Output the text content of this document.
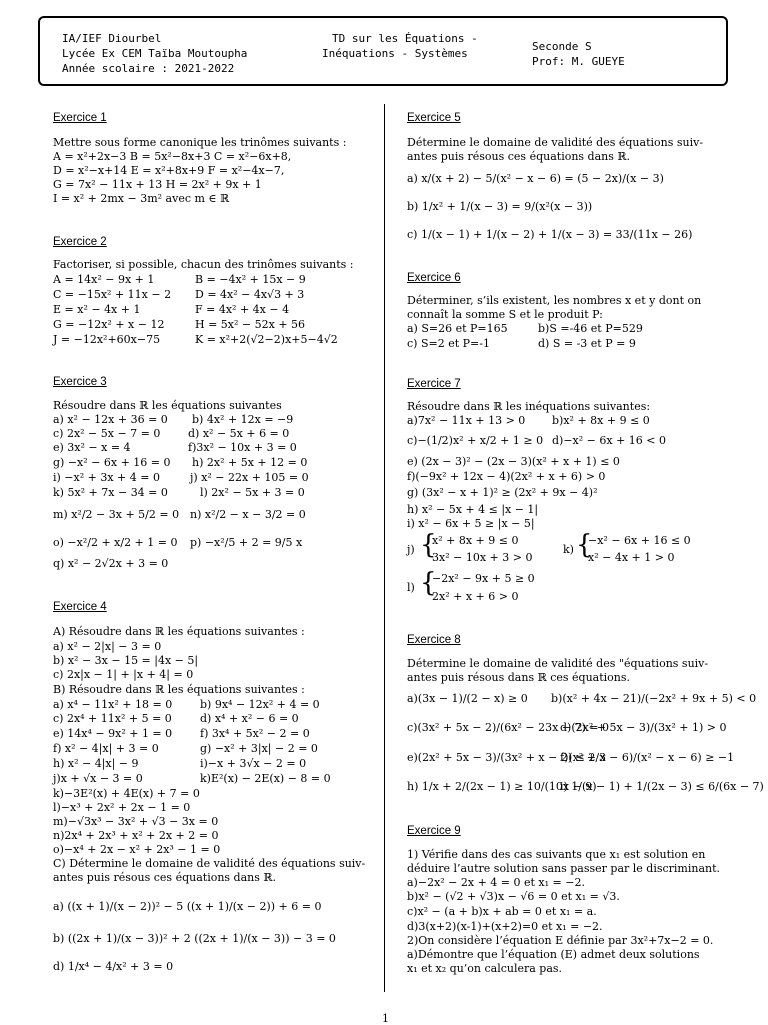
IA/IEF Diourbel
Lycée Ex CEM Taïba Moutoupha
Année scolaire : 2021-2022
TD sur les Équations -
Inéquations - Systèmes
Seconde S
Prof: M. GUEYE
Exercice 1
Mettre sous forme canonique les trinômes suivants :
A = x²+2x−3 B = 5x²−8x+3 C = x²−6x+8,
D = x²−x+14 E = x²+8x+9 F = x²−4x−7,
G = 7x² − 11x + 13 H = 2x² + 9x + 1
I = x² + 2mx − 3m² avec m ∈ ℝ
Exercice 2
Factoriser, si possible, chacun des trinômes suivants :
A = 14x² − 9x + 1	B = −4x² + 15x − 9
C = −15x² + 11x − 2 D = 4x² − 4x√3 + 3
E = x² − 4x + 1	F = 4x² + 4x − 4
G = −12x² + x − 12	H = 5x² − 52x + 56
J = −12x²+60x−75	K = x²+2(√2−2)x+5−4√2
Exercice 3
Résoudre dans ℝ les équations suivantes
a) x² − 12x + 36 = 0 b) 4x² + 12x = −9
c) 2x² − 5x − 7 = 0	d) x² − 5x + 6 = 0
e) 3x² − x = 4	f)3x² − 10x + 3 = 0
g) −x² − 6x + 16 = 0 h) 2x² + 5x + 12 = 0
i) −x² + 3x + 4 = 0	j) x² − 22x + 105 = 0
k) 5x² + 7x − 34 = 0	l) 2x² − 5x + 3 = 0
m) x²/2 − 3x + 5/2 = 0 n) x²/2 − x − 3/2 = 0
o) −x²/2 + x/2 + 1 = 0 p) −x²/5 + 2 = 9/5 x
q) x² − 2√2x + 3 = 0
Exercice 4
A) Résoudre dans ℝ les équations suivantes :
a) x² − 2|x| − 3 = 0
b) x² − 3x − 15 = |4x − 5|
c) 2x|x − 1| + |x + 4| = 0
B) Résoudre dans ℝ les équations suivantes :
a) x⁴ − 11x² + 18 = 0	b) 9x⁴ − 12x² + 4 = 0
c) 2x⁴ + 11x² + 5 = 0	d) x⁴ + x² − 6 = 0
e) 14x⁴ − 9x² + 1 = 0	f) 3x⁴ + 5x² − 2 = 0
f) x² − 4|x| + 3 = 0	g) −x² + 3|x| − 2 = 0
h) x² − 4|x| − 9	i)−x + 3√x − 2 = 0
j)x + √x − 3 = 0	k)E²(x) − 2E(x) − 8 = 0
k)−3E²(x) + 4E(x) + 7 = 0
l)−x³ + 2x² + 2x − 1 = 0
m)−√3x³ − 3x² + √3 − 3x = 0
n)2x⁴ + 2x³ + x² + 2x + 2 = 0
o)−x⁴ + 2x − x² + 2x³ − 1 = 0
C) Détermine le domaine de validité des équations suiv-
antes puis résous ces équations dans ℝ.
a) ((x + 1)/(x − 2))² − 5 ((x + 1)/(x − 2)) + 6 = 0
b) ((2x + 1)/(x − 3))² + 2 ((2x + 1)/(x − 3)) − 3 = 0
d) 1/x⁴ − 4/x² + 3 = 0
Exercice 5
Détermine le domaine de validité des équations suiv-
antes puis résous ces équations dans ℝ.
a) x/(x + 2) − 5/(x² − x − 6) = (5 − 2x)/(x − 3)
b) 1/x² + 1/(x − 3) = 9/(x²(x − 3))
c) 1/(x − 1) + 1/(x − 2) + 1/(x − 3) = 33/(11x − 26)
Exercice 6
Déterminer, s’ils existent, les nombres x et y dont on
connaît la somme S et le produit P:
a) S=26 et P=165	b)S =-46 et P=529
c) S=2 et P=-1	d) S = -3 et P = 9
Exercice 7
Résoudre dans ℝ les inéquations suivantes:
a)7x² − 11x + 13 > 0 b)x² + 8x + 9 ≤ 0
c)−(1/2)x² + x/2 + 1 ≥ 0 d)−x² − 6x + 16 < 0
e) (2x − 3)² − (2x − 3)(x² + x + 1) ≤ 0
f)(−9x² + 12x − 4)(2x² + x + 6) > 0
g) (3x² − x + 1)² ≥ (2x² + 9x − 4)²
h) x² − 5x + 4 ≤ |x − 1|
i) x² − 6x + 5 ≥ |x − 5|
j) {
x² + 8x + 9 ≤ 0
3x² − 10x + 3 > 0
k) {
−x² − 6x + 16 ≤ 0
x² − 4x + 1 > 0
l) {
−2x² − 9x + 5 ≥ 0
2x² + x + 6 > 0
Exercice 8
Détermine le domaine de validité des "équations suiv-
antes puis résous dans ℝ ces équations.
a)(3x − 1)/(2 − x) ≥ 0 b)(x² + 4x − 21)/(−2x² + 9x + 5) < 0
c)(3x² + 5x − 2)/(6x² − 23x − 7) = 0
d)(2x² + 5x − 3)/(3x² + 1) > 0
e)(2x² + 5x − 3)/(3x² + x − 2) ≤ 2/3
f)(x² + x − 6)/(x² − x − 6) ≥ −1
h) 1/x + 2/(2x − 1) ≥ 10/(10x − 9)
i) 1/(x − 1) + 1/(2x − 3) ≤ 6/(6x − 7)
Exercice 9
1) Vérifie dans des cas suivants que x₁ est solution en
déduire l’autre solution sans passer par le discriminant.
a)−2x² − 2x + 4 = 0 et x₁ = −2.
b)x² − (√2 + √3)x − √6 = 0 et x₁ = √3.
c)x² − (a + b)x + ab = 0 et x₁ = a.
d)3(x+2)(x-1)+(x+2)=0 et x₁ = −2.
2)On considère l’équation E définie par 3x²+7x−2 = 0.
a)Démontre que l’équation (E) admet deux solutions
x₁ et x₂ qu’on calculera pas.
1
